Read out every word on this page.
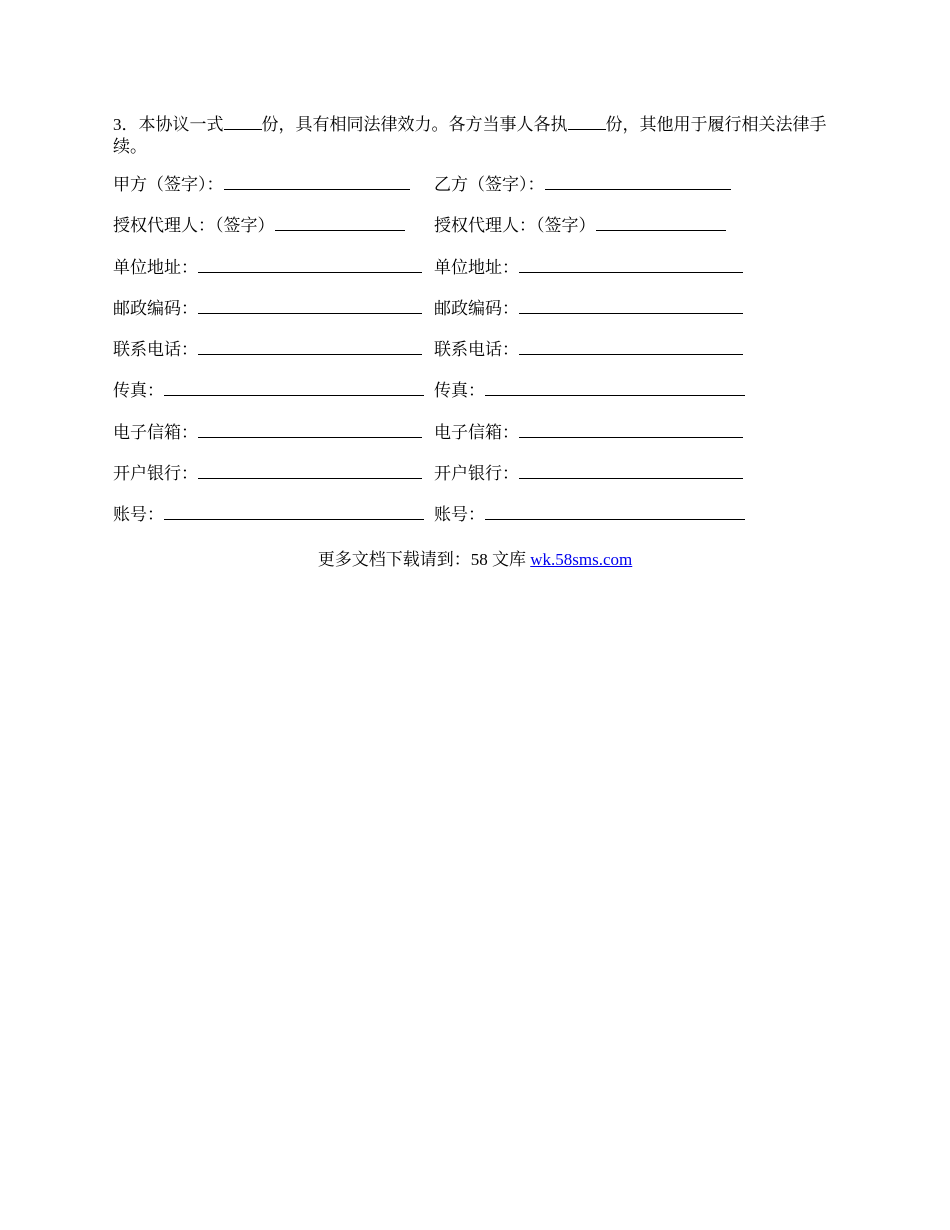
3．本协议一式 份，具有相同法律效力。各方当事人各执 份，其他用于履行相关法律手续。

甲方（签字）：	乙方（签字）：
授权代理人：（签字）	授权代理人：（签字）
单位地址：	单位地址：
邮政编码：	邮政编码：
联系电话：	联系电话：
传真：	传真：
电子信箱：	电子信箱：
开户银行：	开户银行：
账号：	账号：
更多文档下载请到：58 文库 wk.58sms.com
